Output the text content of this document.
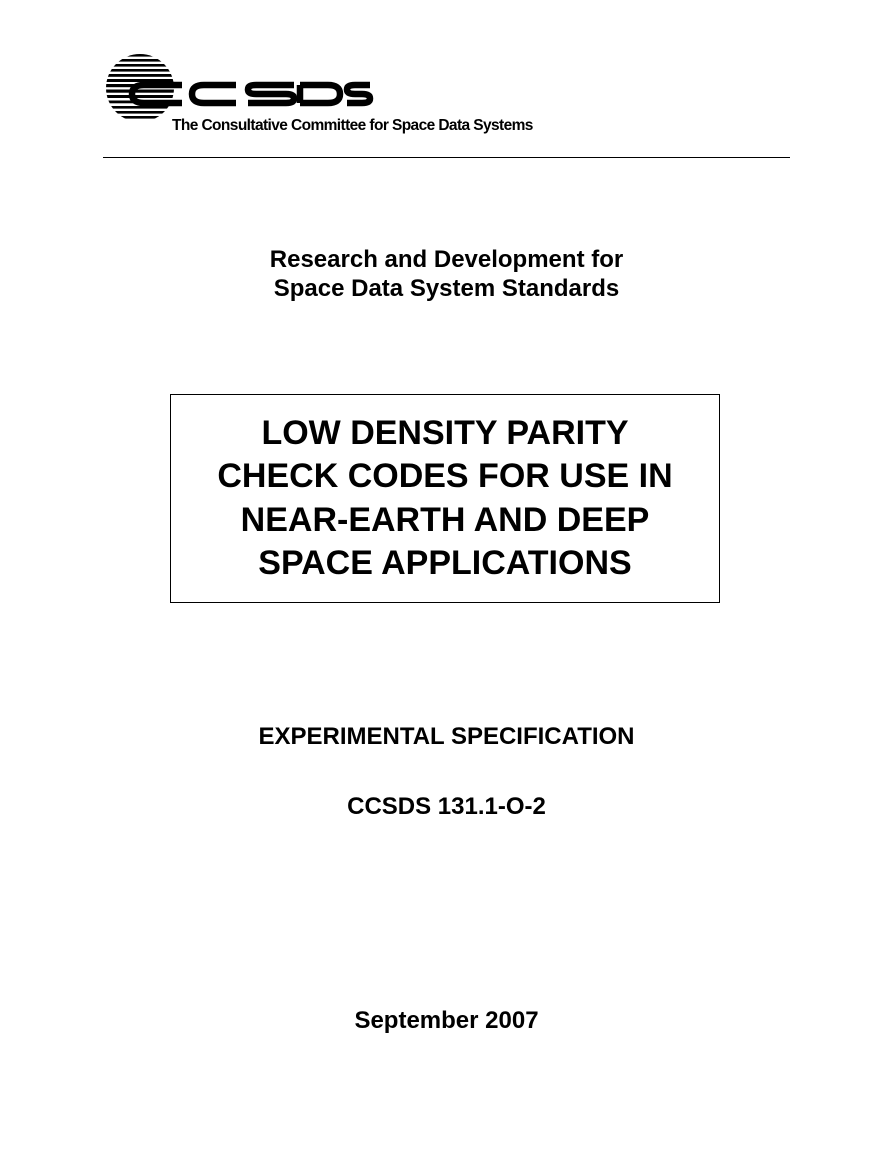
The Consultative Committee for Space Data Systems
Research and Development for
Space Data System Standards
LOW DENSITY PARITY
CHECK CODES FOR USE IN
NEAR-EARTH AND DEEP
SPACE APPLICATIONS
EXPERIMENTAL SPECIFICATION
CCSDS 131.1-O-2
September 2007
